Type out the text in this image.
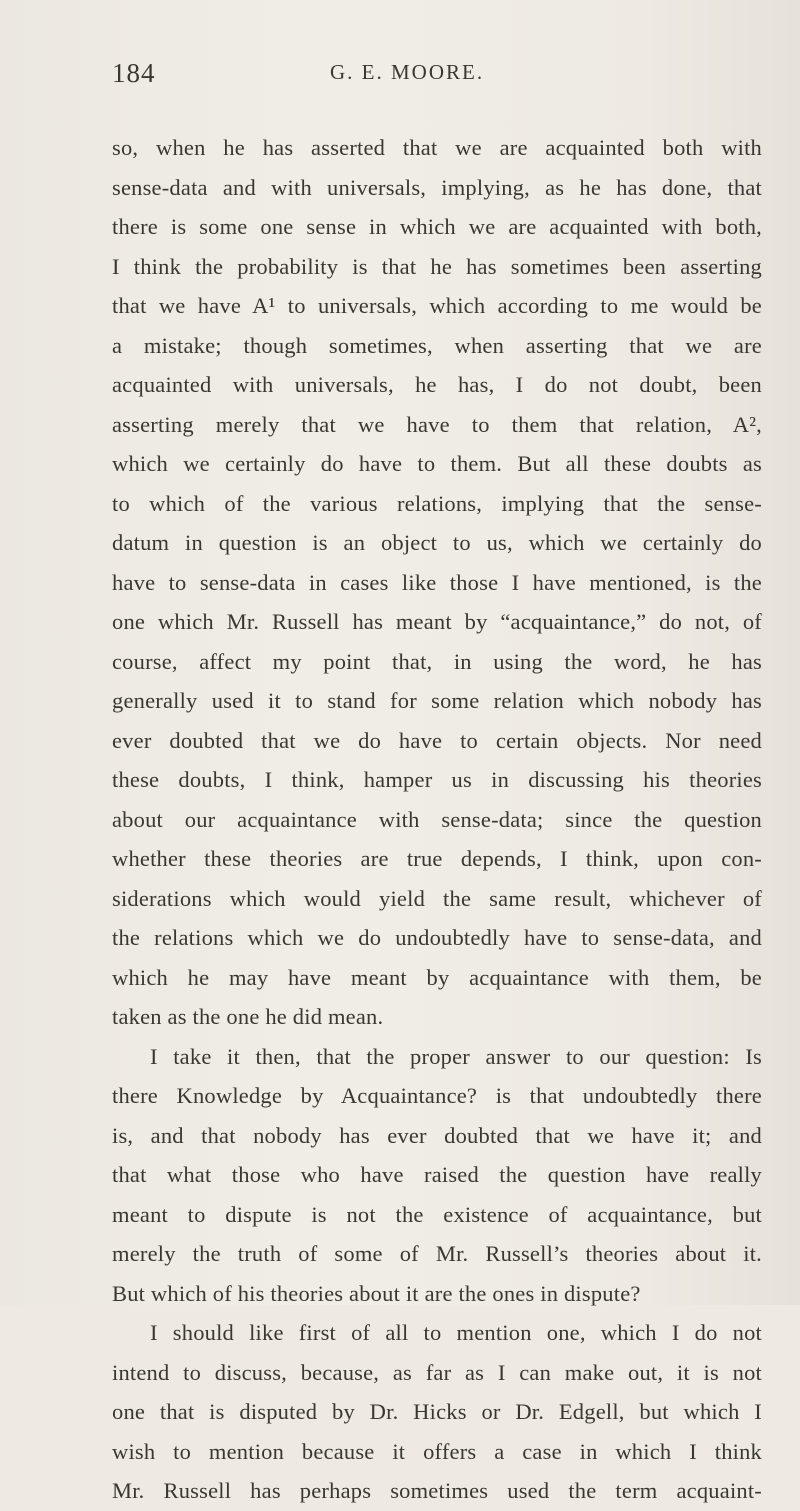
184	G. E. MOORE.
so, when he has asserted that we are acquainted both with
sense-data and with universals, implying, as he has done, that
there is some one sense in which we are acquainted with both,
I think the probability is that he has sometimes been asserting
that we have A¹ to universals, which according to me would be
a mistake; though sometimes, when asserting that we are
acquainted with universals, he has, I do not doubt, been
asserting merely that we have to them that relation, A²,
which we certainly do have to them. But all these doubts as
to which of the various relations, implying that the sense-
datum in question is an object to us, which we certainly do
have to sense-data in cases like those I have mentioned, is the
one which Mr. Russell has meant by “acquaintance,” do not, of
course, affect my point that, in using the word, he has
generally used it to stand for some relation which nobody has
ever doubted that we do have to certain objects. Nor need
these doubts, I think, hamper us in discussing his theories
about our acquaintance with sense-data; since the question
whether these theories are true depends, I think, upon con-
siderations which would yield the same result, whichever of
the relations which we do undoubtedly have to sense-data, and
which he may have meant by acquaintance with them, be
taken as the one he did mean.
I take it then, that the proper answer to our question: Is
there Knowledge by Acquaintance? is that undoubtedly there
is, and that nobody has ever doubted that we have it; and
that what those who have raised the question have really
meant to dispute is not the existence of acquaintance, but
merely the truth of some of Mr. Russell’s theories about it.
But which of his theories about it are the ones in dispute?
I should like first of all to mention one, which I do not
intend to discuss, because, as far as I can make out, it is not
one that is disputed by Dr. Hicks or Dr. Edgell, but which I
wish to mention because it offers a case in which I think
Mr. Russell has perhaps sometimes used the term acquaint-
